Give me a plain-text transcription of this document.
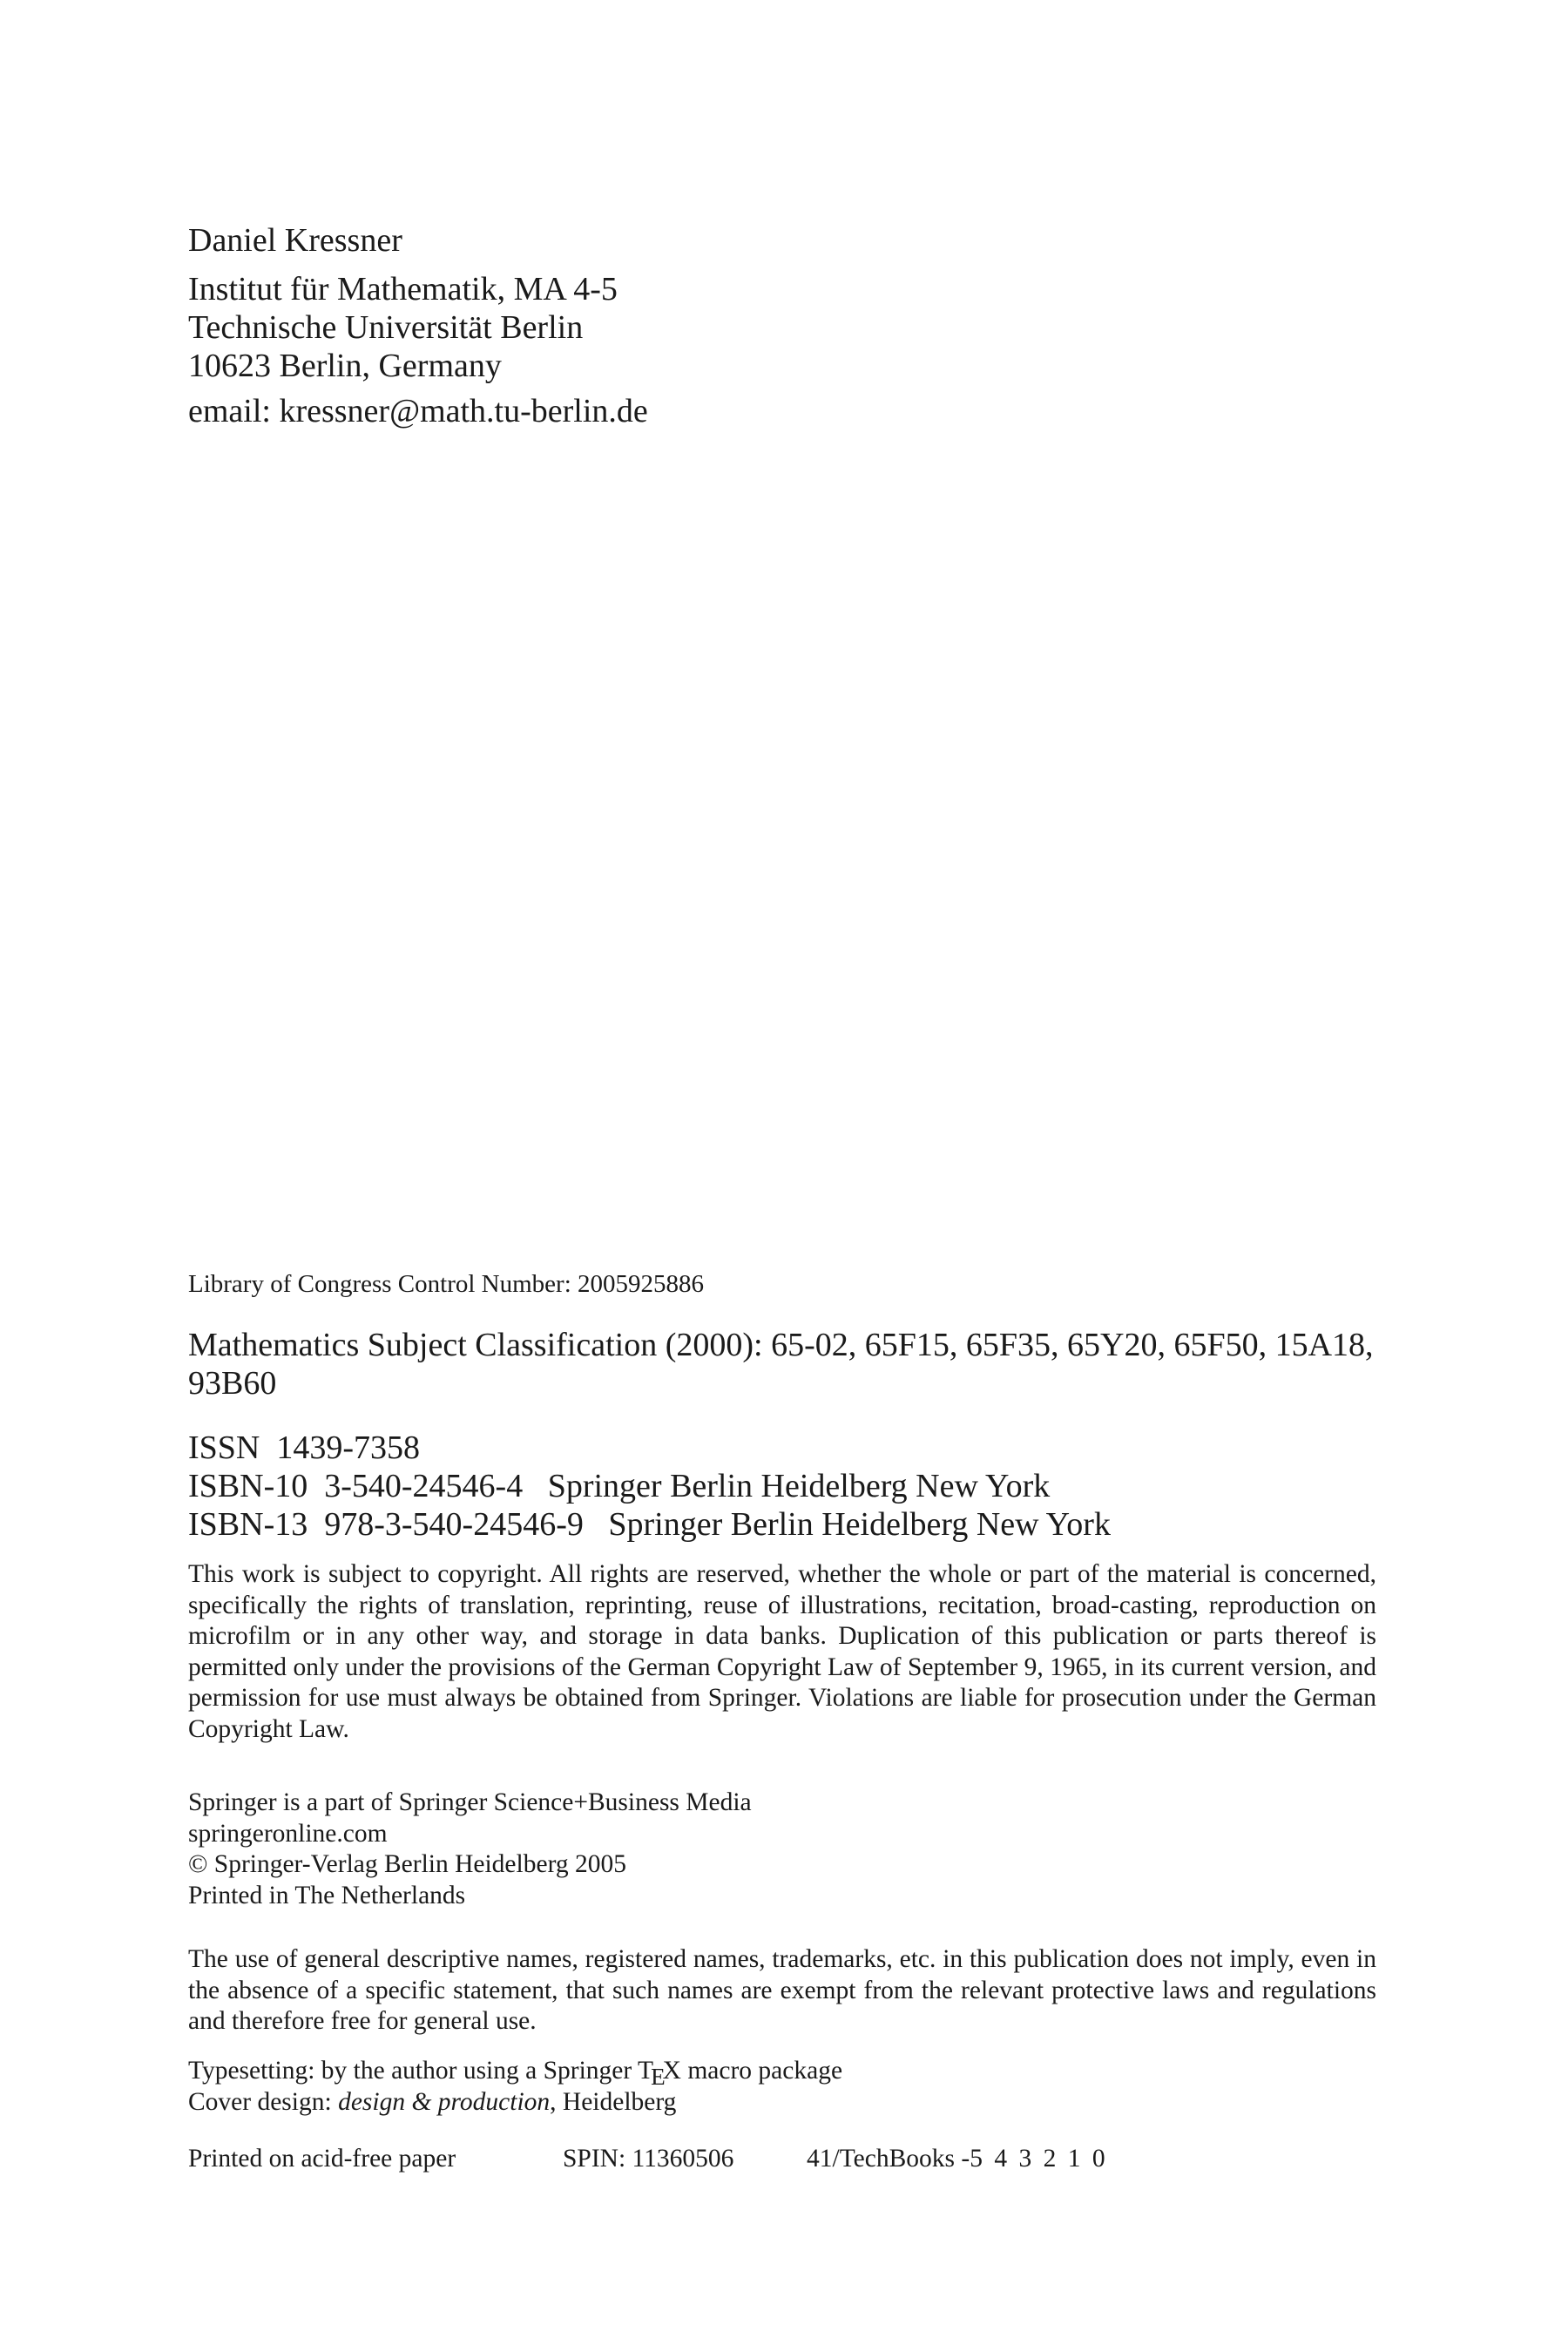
Daniel Kressner
Institut für Mathematik, MA 4-5
Technische Universität Berlin
10623 Berlin, Germany
email: kressner@math.tu-berlin.de
Library of Congress Control Number: 2005925886
Mathematics Subject Classification (2000): 65-02, 65F15, 65F35, 65Y20, 65F50, 15A18,
93B60
ISSN 1439-7358
ISBN-10 3-540-24546-4 Springer Berlin Heidelberg New York
ISBN-13 978-3-540-24546-9 Springer Berlin Heidelberg New York

This work is subject to copyright. All rights are reserved, whether the whole or part of the material is concerned, specifically the rights of translation, reprinting, reuse of illustrations, recitation, broad-casting, reproduction on microfilm or in any other way, and storage in data banks. Duplication of this publication or parts thereof is permitted only under the provisions of the German Copyright Law of September 9, 1965, in its current version, and permission for use must always be obtained from Springer. Violations are liable for prosecution under the German Copyright Law.

Springer is a part of Springer Science+Business Media
springeronline.com
© Springer-Verlag Berlin Heidelberg 2005
Printed in The Netherlands

The use of general descriptive names, registered names, trademarks, etc. in this publication does not imply, even in the absence of a specific statement, that such names are exempt from the relevant protective laws and regulations and therefore free for general use.

Typesetting: by the author using a Springer TEX macro package
Cover design: design & production, Heidelberg
Printed on acid-free paper	SPIN: 11360506	41/TechBooks -5 4 3 2 1 0
